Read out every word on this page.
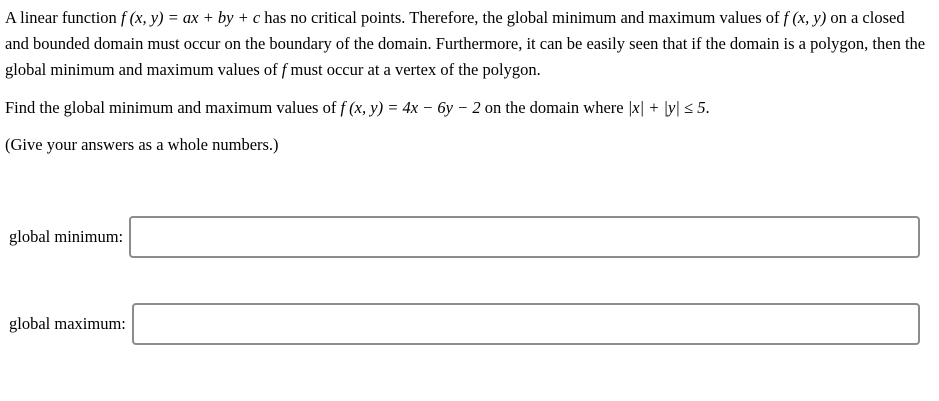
A linear function f (x, y) = ax + by + c has no critical points. Therefore, the global minimum and maximum values of f (x, y) on a closed and bounded domain must occur on the boundary of the domain. Furthermore, it can be easily seen that if the domain is a polygon, then the global minimum and maximum values of f must occur at a vertex of the polygon.

Find the global minimum and maximum values of f (x, y) = 4x − 6y − 2 on the domain where |x| + |y| ≤ 5.

(Give your answers as a whole numbers.)

global minimum:
global maximum:
